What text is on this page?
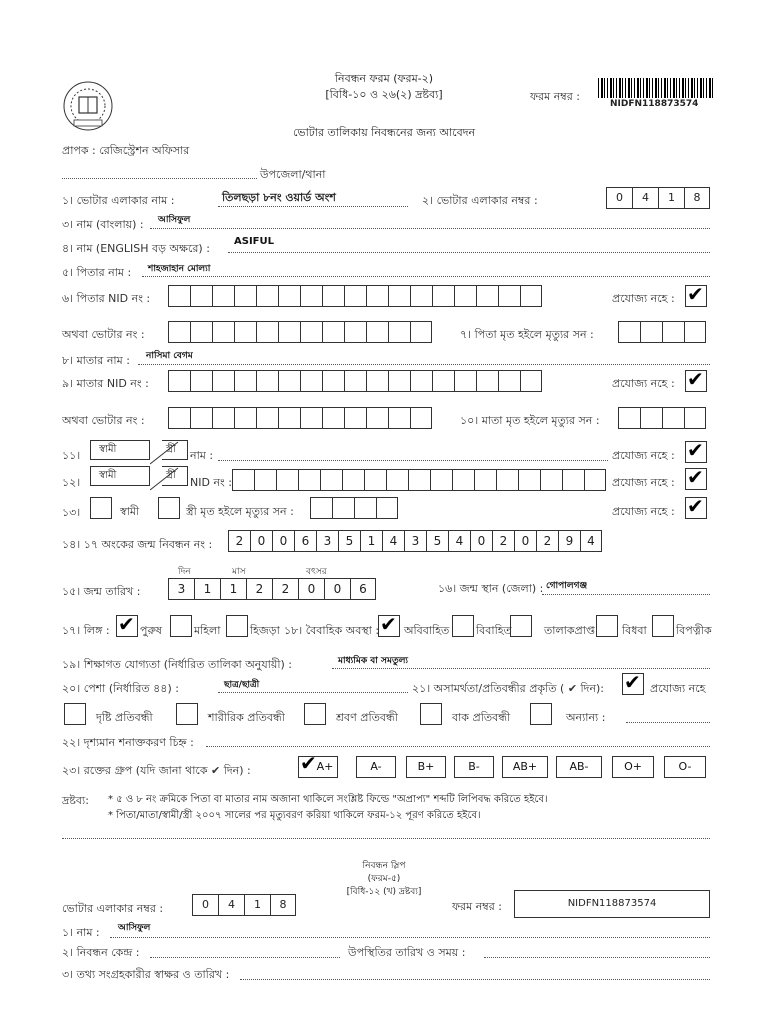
নিবন্ধন ফরম (ফরম-২)
[বিধি-১০ ও ২৬(২) দ্রষ্টব্য]	ফরম নম্বর :
NIDFN118873574
ভোটার তালিকায় নিবন্ধনের জন্য আবেদন
প্রাপক : রেজিস্ট্রেশন অফিসার
উপজেলা/থানা
১। ভোটার এলাকার নাম :	তিলছড়া ৮নং ওয়ার্ড অংশ	২। ভোটার এলাকার নম্বর :	0	4	1	8
৩। নাম (বাংলায়) : আসিফুল
৪। নাম (ENGLISH বড় অক্ষরে) :
ASIFUL
৫। পিতার নাম : শাহজাহান মোল্যা
৬। পিতার NID নং :	প্রযোজ্য নহে :
✔
অথবা ভোটার নং :	৭। পিতা মৃত হইলে মৃত্যুর সন :
৮। মাতার নাম : নাসিমা বেগম
৯। মাতার NID নং :	প্রযোজ্য নহে :
✔
অথবা ভোটার নং :	১০। মাতা মৃত হইলে মৃত্যুর সন :
১১। স্বামী	স্ত্রী নাম :	প্রযোজ্য নহে :
✔
১২।
স্বামী	স্ত্রী
NID নং :	প্রযোজ্য নহে :
✔
১৩।	স্বামী	স্ত্রী মৃত হইলে মৃত্যুর সন :	প্রযোজ্য নহে :
✔
১৪। ১৭ অংকের জন্ম নিবন্ধন নং :	2	0	0	6	3	5	1	4	3	5	4	0	2	0	2	9	4
দিন	মাস	বৎসর
১৫। জন্ম তারিখ :	3	1	1	2	2	0	0	6	১৬। জন্ম স্থান (জেলা) : গোপালগঞ্জ
১৭। লিঙ্গ : ✔	পুরুষ	মহিলা	হিজড়া ১৮। বৈবাহিক অবস্থা : ✔ অবিবাহিত বিবাহিত	তালাকপ্রাপ্ত বিধবা	বিপত্নীক
১৯। শিক্ষাগত যোগ্যতা (নির্ধারিত তালিকা অনুযায়ী) :	মাধ্যমিক বা সমতুল্য
২০। পেশা (নির্ধারিত ৪৪) :	ছাত্র/ছাত্রী	২১। অসামর্থতা/প্রতিবন্ধীর প্রকৃতি ( ✔ দিন): ✔	প্রযোজ্য নহে
দৃষ্টি প্রতিবন্ধী	শারীরিক প্রতিবন্ধী	শ্রবণ প্রতিবন্ধী	বাক প্রতিবন্ধী	অন্যান্য :
২২। দৃশ্যমান শনাক্তকরণ চিহ্ন :
২৩। রক্তের গ্রুপ (যদি জানা থাকে ✔ দিন) :	A+ ✔	A-	B+	B-	AB+	AB-	O+	O-
দ্রষ্টব্য: * ৫ ও ৮ নং ক্রমিকে পিতা বা মাতার নাম অজানা থাকিলে সংশ্লিষ্ট ফিল্ডে "অপ্রাপ্য" শব্দটি লিপিবদ্ধ করিতে হইবে।
* পিতা/মাতা/স্বামী/স্ত্রী ২০০৭ সালের পর মৃত্যুবরণ করিয়া থাকিলে ফরম-১২ পূরণ করিতে হইবে।
নিবন্ধন স্লিপ
(ফরম-৫)
[বিধি-১২ (খ) দ্রষ্টব্য]
ভোটার এলাকার নম্বর :	0	4	1	8	ফরম নম্বর :	NIDFN118873574
১। নাম : আসিফুল
২। নিবন্ধন কেন্দ্র :	উপস্থিতির তারিখ ও সময় :
৩। তথ্য সংগ্রহকারীর স্বাক্ষর ও তারিখ :
